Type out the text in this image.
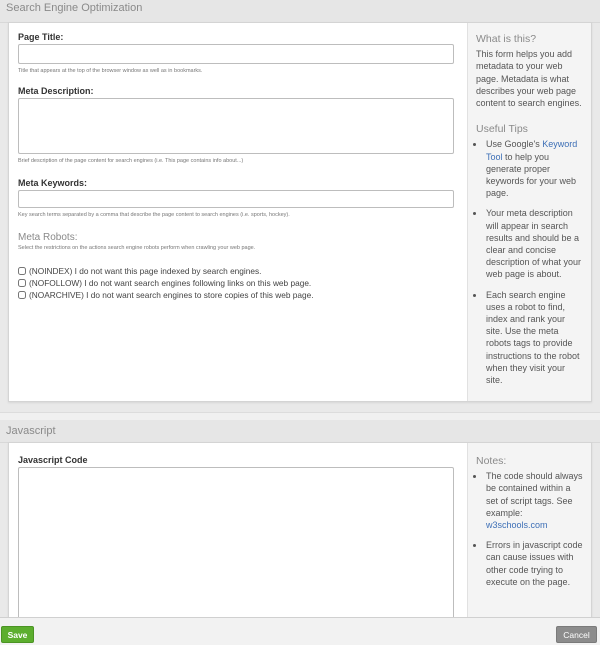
Search Engine Optimization
Page Title:
Title that appears at the top of the browser window as well as in bookmarks.
Meta Description:
Brief description of the page content for search engines (i.e. This page contains info about...)
Meta Keywords:
Key search terms separated by a comma that describe the page content to search engines (i.e. sports, hockey).
Meta Robots:
Select the restrictions on the actions search engine robots perform when crawling your web page.
(NOINDEX) I do not want this page indexed by search engines.
(NOFOLLOW) I do not want search engines following links on this web page.
(NOARCHIVE) I do not want search engines to store copies of this web page.
What is this?
This form helps you add metadata to your web page. Metadata is what describes your web page content to search engines.
Useful Tips
• Use Google's Keyword Tool to help you generate proper keywords for your web page.
• Your meta description will appear in search results and should be a clear and concise description of what your web page is about.
• Each search engine uses a robot to find, index and rank your site. Use the meta robots tags to provide instructions to the robot when they visit your site.
Javascript
Javascript Code	Notes:
• The code should always be contained within a set of script tags. See example:
w3schools.com
• Errors in javascript code can cause issues with other code trying to execute on the page.
Save	Cancel
